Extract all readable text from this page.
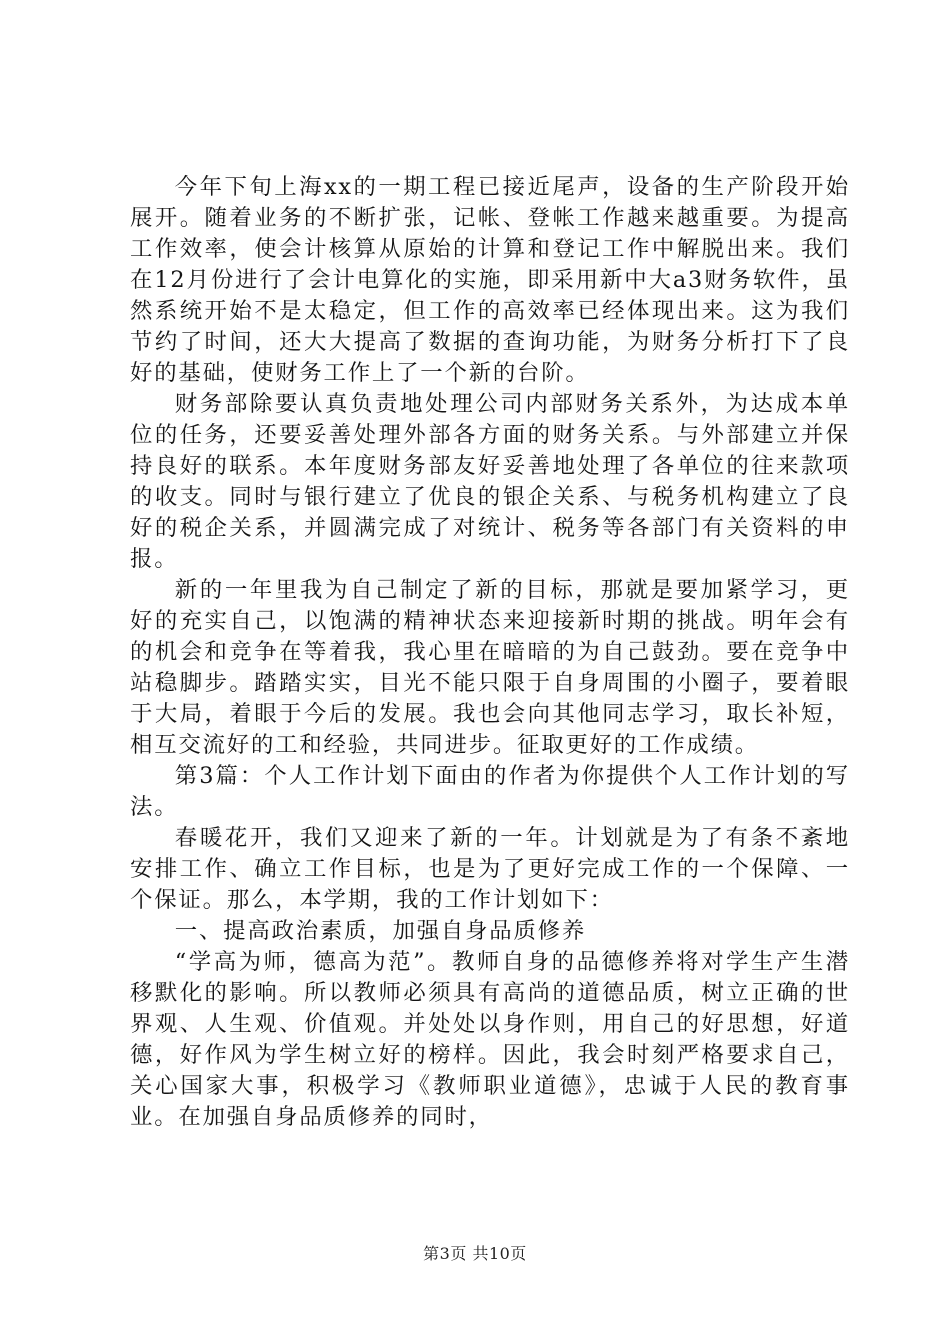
今年下旬上海xx的一期工程已接近尾声，设备的生产阶段开始展开。随着业务的不断扩张，记帐、登帐工作越来越重要。为提高工作效率，使会计核算从原始的计算和登记工作中解脱出来。我们在12月份进行了会计电算化的实施，即采用新中大a3财务软件，虽然系统开始不是太稳定，但工作的高效率已经体现出来。这为我们节约了时间，还大大提高了数据的查询功能，为财务分析打下了良好的基础，使财务工作上了一个新的台阶。

财务部除要认真负责地处理公司内部财务关系外，为达成本单位的任务，还要妥善处理外部各方面的财务关系。与外部建立并保持良好的联系。本年度财务部友好妥善地处理了各单位的往来款项的收支。同时与银行建立了优良的银企关系、与税务机构建立了良好的税企关系，并圆满完成了对统计、税务等各部门有关资料的申报。

新的一年里我为自己制定了新的目标，那就是要加紧学习，更好的充实自己，以饱满的精神状态来迎接新时期的挑战。明年会有的机会和竞争在等着我，我心里在暗暗的为自己鼓劲。要在竞争中站稳脚步。踏踏实实，目光不能只限于自身周围的小圈子，要着眼于大局，着眼于今后的发展。我也会向其他同志学习，取长补短，相互交流好的工和经验，共同进步。征取更好的工作成绩。

第3篇：个人工作计划下面由的作者为你提供个人工作计划的写法。

春暖花开，我们又迎来了新的一年。计划就是为了有条不紊地安排工作、确立工作目标，也是为了更好完成工作的一个保障、一个保证。那么，本学期，我的工作计划如下：

一、提高政治素质，加强自身品质修养

“学高为师，德高为范”。教师自身的品德修养将对学生产生潜移默化的影响。所以教师必须具有高尚的道德品质，树立正确的世界观、人生观、价值观。并处处以身作则，用自己的好思想，好道德，好作风为学生树立好的榜样。因此，我会时刻严格要求自己，关心国家大事，积极学习《教师职业道德》，忠诚于人民的教育事业。在加强自身品质修养的同时，

第3页 共10页
